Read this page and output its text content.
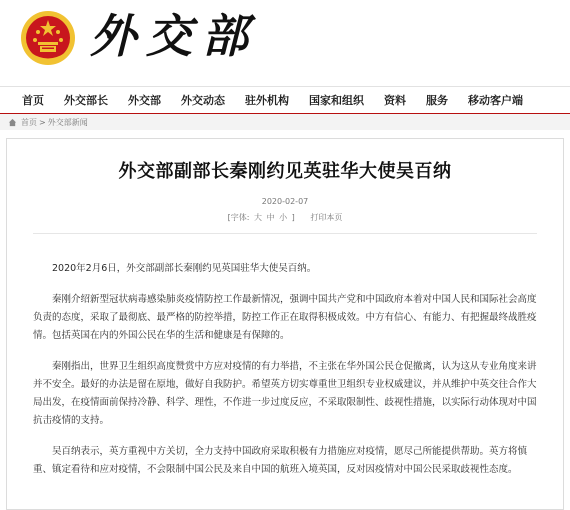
外交部
首页	外交部长	外交部	外交动态	驻外机构	国家和组织	资料	服务	移动客户端
首页 > 外交部新闻
外交部副部长秦刚约见英驻华大使吴百纳
2020-02-07
[字体: 大 中 小 ] 打印本页

2020年2月6日，外交部副部长秦刚约见英国驻华大使吴百纳。

秦刚介绍新型冠状病毒感染肺炎疫情防控工作最新情况，强调中国共产党和中国政府本着对中国人民和国际社会高度负责的态度，采取了最彻底、最严格的防控举措，防控工作正在取得积极成效。中方有信心、有能力、有把握最终战胜疫情。包括英国在内的外国公民在华的生活和健康是有保障的。

秦刚指出，世界卫生组织高度赞赏中方应对疫情的有力举措，不主张在华外国公民仓促撤离，认为这从专业角度来讲并不安全。最好的办法是留在原地，做好自我防护。希望英方切实尊重世卫组织专业权威建议，并从维护中英交往合作大局出发，在疫情面前保持冷静、科学、理性，不作进一步过度反应，不采取限制性、歧视性措施，以实际行动体现对中国抗击疫情的支持。

吴百纳表示，英方重视中方关切，全力支持中国政府采取积极有力措施应对疫情，愿尽己所能提供帮助。英方将慎重、镇定看待和应对疫情，不会限制中国公民及来自中国的航班入境英国，反对因疫情对中国公民采取歧视性态度。
